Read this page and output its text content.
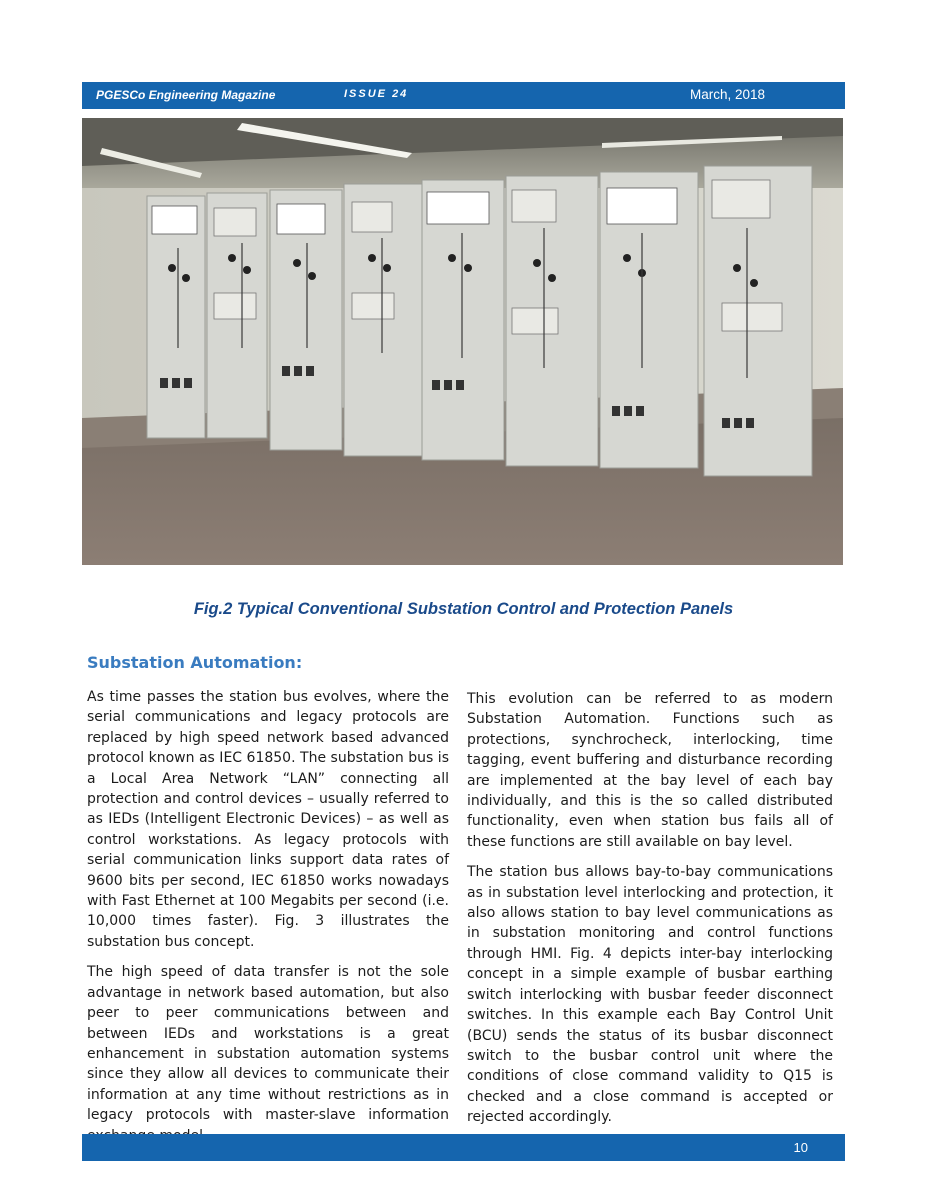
PGESCo Engineering Magazine	ISSUE 24	March, 2018
Fig.2 Typical Conventional Substation Control and Protection Panels
Substation Automation:

As time passes the station bus evolves, where the serial communications and legacy protocols are replaced by high speed network based advanced protocol known as IEC 61850. The substation bus is a Local Area Network “LAN” connecting all protection and control devices – usually referred to as IEDs (Intelligent Electronic Devices) – as well as control workstations. As legacy protocols with serial communication links support data rates of 9600 bits per second, IEC 61850 works nowadays with Fast Ethernet at 100 Megabits per second (i.e. 10,000 times faster). Fig. 3 illustrates the substation bus concept.

The high speed of data transfer is not the sole advantage in network based automation, but also peer to peer communications between and between IEDs and workstations is a great enhancement in substation automation systems since they allow all devices to communicate their information at any time without restrictions as in legacy protocols with master-slave information

This evolution can be referred to as modern Substation Automation. Functions such as protections, synchrocheck, interlocking, time tagging, event buffering and disturbance recording are implemented at the bay level of each bay individually, and this is the so called distributed functionality, even when station bus fails all of these functions are still available on bay level.

The station bus allows bay-to-bay communications as in substation level interlocking and protection, it also allows station to bay level communications as in substation monitoring and control functions through HMI. Fig. 4 depicts inter-bay interlocking concept in a simple example of busbar earthing switch interlocking with busbar feeder disconnect switches. In this example each Bay Control Unit (BCU) sends the status of its busbar disconnect switch to the busbar control unit where the conditions of close command validity to Q15 is checked and a close command is accepted or rejected accordingly.

10
